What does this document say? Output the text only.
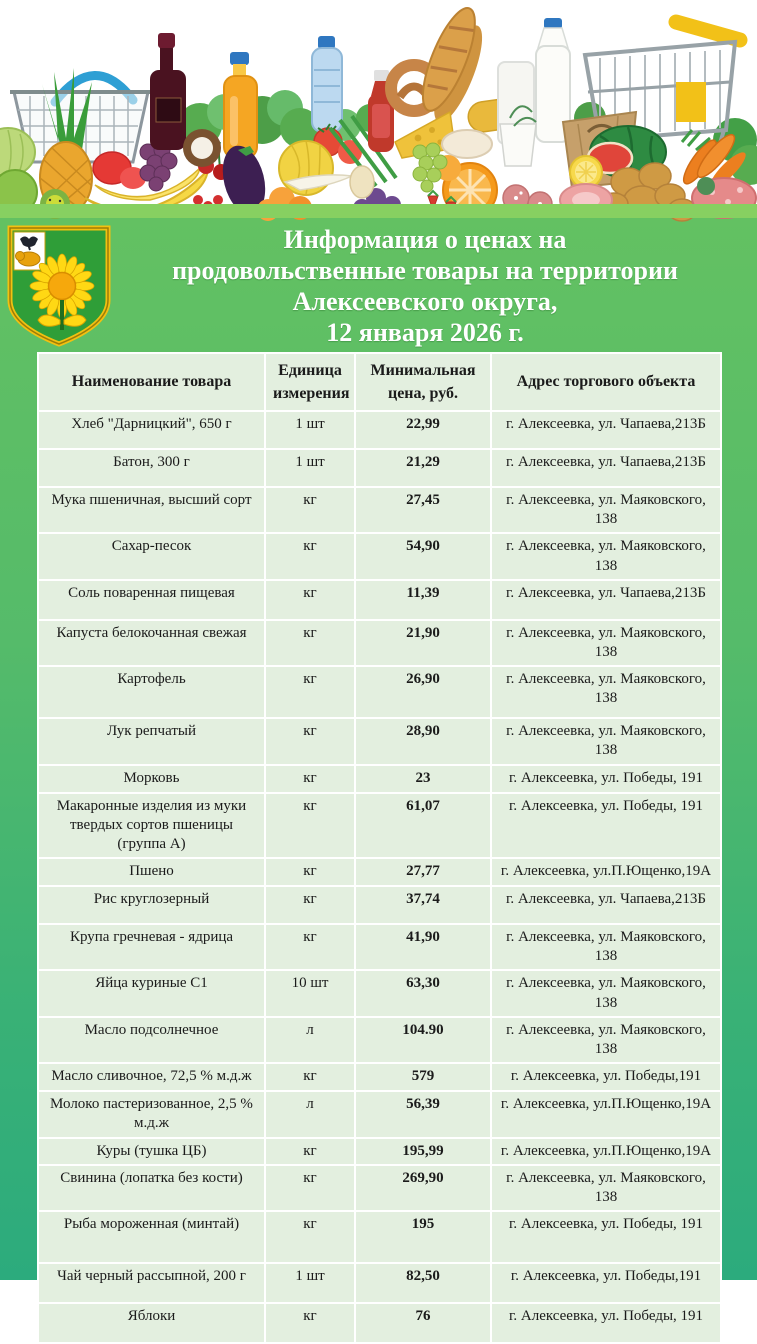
Информация о ценах на
продовольственные товары на территории
Алексеевского округа,
12 января 2026 г.
Наименование товара	Единица измерения	Минимальная цена, руб.	Адрес торгового объекта
Хлеб "Дарницкий", 650 г	1 шт	22,99	г. Алексеевка, ул. Чапаева,213Б
Батон, 300 г	1 шт	21,29	г. Алексеевка, ул. Чапаева,213Б
Мука пшеничная, высший сорт	кг	27,45	г. Алексеевка, ул. Маяковского, 138
Сахар-песок	кг	54,90	г. Алексеевка, ул. Маяковского, 138
Соль поваренная пищевая	кг	11,39	г. Алексеевка, ул. Чапаева,213Б
Капуста белокочанная свежая	кг	21,90	г. Алексеевка, ул. Маяковского, 138
Картофель	кг	26,90	г. Алексеевка, ул. Маяковского, 138
Лук репчатый	кг	28,90	г. Алексеевка, ул. Маяковского, 138
Морковь	кг	23	г. Алексеевка, ул. Победы, 191
Макаронные изделия из муки твердых сортов пшеницы (группа А)	кг	61,07	г. Алексеевка, ул. Победы, 191
Пшено	кг	27,77	г. Алексеевка, ул.П.Ющенко,19А
Рис круглозерный	кг	37,74	г. Алексеевка, ул. Чапаева,213Б
Крупа гречневая - ядрица	кг	41,90	г. Алексеевка, ул. Маяковского, 138
Яйца куриные С1	10 шт	63,30	г. Алексеевка, ул. Маяковского, 138
Масло подсолнечное	л	104.90	г. Алексеевка, ул. Маяковского, 138
Масло сливочное, 72,5 % м.д.ж	кг	579	г. Алексеевка, ул. Победы,191
Молоко пастеризованное, 2,5 % м.д.ж	л	56,39	г. Алексеевка, ул.П.Ющенко,19А
Куры (тушка ЦБ)	кг	195,99	г. Алексеевка, ул.П.Ющенко,19А
Свинина (лопатка без кости)	кг	269,90	г. Алексеевка, ул. Маяковского, 138
Рыба мороженная (минтай)	кг	195	г. Алексеевка, ул. Победы, 191
Чай черный рассыпной, 200 г	1 шт	82,50	г. Алексеевка, ул. Победы,191
Яблоки	кг	76	г. Алексеевка, ул. Победы, 191
